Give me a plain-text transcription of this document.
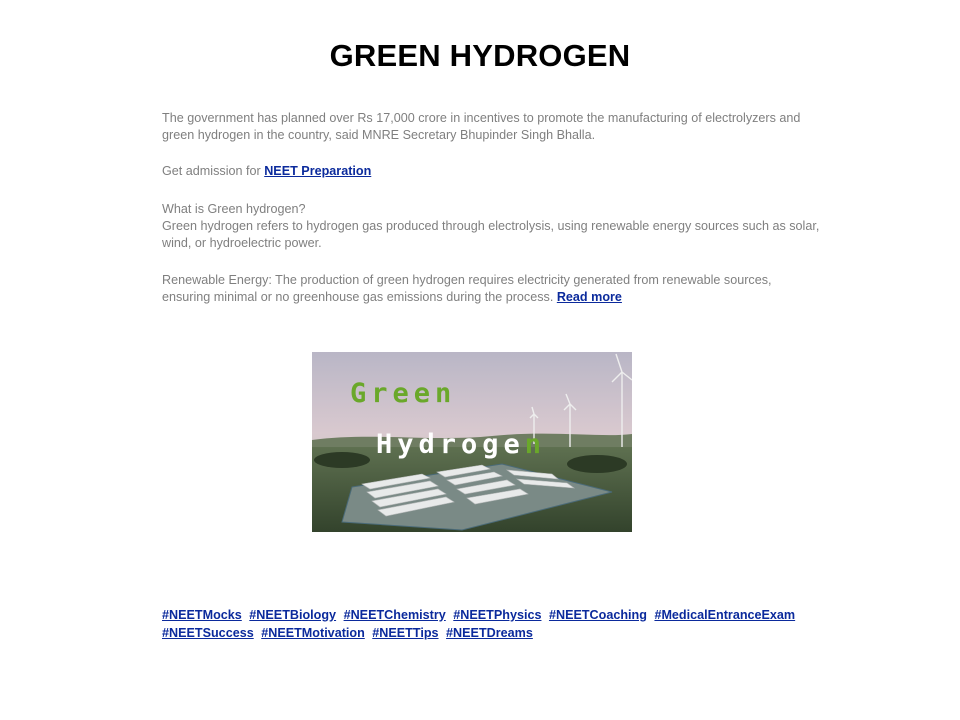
GREEN HYDROGEN

The government has planned over Rs 17,000 crore in incentives to promote the manufacturing of electrolyzers and green hydrogen in the country, said MNRE Secretary Bhupinder Singh Bhalla.

Get admission for NEET Preparation

What is Green hydrogen?

Green hydrogen refers to hydrogen gas produced through electrolysis, using renewable energy sources such as solar, wind, or hydroelectric power.

Renewable Energy: The production of green hydrogen requires electricity generated from renewable sources, ensuring minimal or no greenhouse gas emissions during the process. Read more
Green
Hydrogen
#NEETMocks #NEETBiology #NEETChemistry #NEETPhysics #NEETCoaching #MedicalEntranceExam
#NEETSuccess #NEETMotivation #NEETTips #NEETDreams
